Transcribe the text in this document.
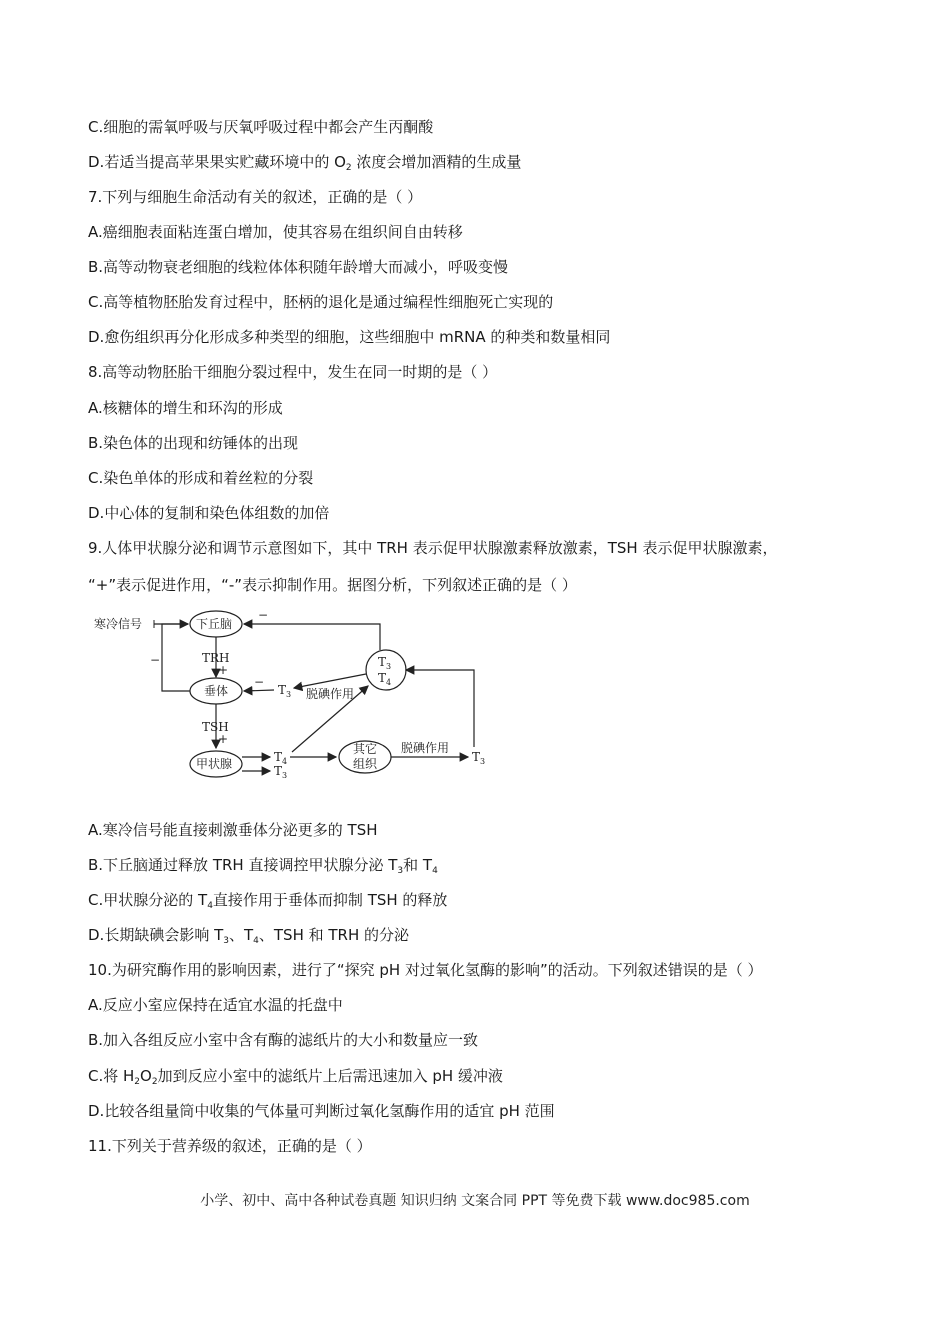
C.细胞的需氧呼吸与厌氧呼吸过程中都会产生丙酮酸
D.若适当提高苹果果实贮藏环境中的 $O_2$ 浓度会增加酒精的生成量
7.下列与细胞生命活动有关的叙述，正确的是（ ）
A.癌细胞表面粘连蛋白增加，使其容易在组织间自由转移
B.高等动物衰老细胞的线粒体体积随年龄增大而减小，呼吸变慢
C.高等植物胚胎发育过程中，胚柄的退化是通过编程性细胞死亡实现的
D.愈伤组织再分化形成多种类型的细胞，这些细胞中 mRNA 的种类和数量相同
8.高等动物胚胎干细胞分裂过程中，发生在同一时期的是（ ）
A.核糖体的增生和环沟的形成
B.染色体的出现和纺锤体的出现
C.染色单体的形成和着丝粒的分裂
D.中心体的复制和染色体组数的加倍
9.人体甲状腺分泌和调节示意图如下，其中 TRH 表示促甲状腺激素释放激素，TSH 表示促甲状腺激素，
“+”表示促进作用，“-”表示抑制作用。据图分析，下列叙述正确的是（ ）
寒冷信号	下丘脑
TRH
+
垂体
−
TSH
+
甲状腺	$T_4$
$T_3$
其它
组织
脱碘作用
$T_3$
$T_3$
$T_4$
−
脱碘作用
$T_3$
−
A.寒冷信号能直接刺激垂体分泌更多的 TSH
B.下丘脑通过释放 TRH 直接调控甲状腺分泌 $T_3$和 $T_4$
C.甲状腺分泌的 $T_4$直接作用于垂体而抑制 TSH 的释放
D.长期缺碘会影响 $T_3$、$T_4$、TSH 和 TRH 的分泌
10.为研究酶作用的影响因素，进行了“探究 pH 对过氧化氢酶的影响”的活动。下列叙述错误的是（ ）
A.反应小室应保持在适宜水温的托盘中
B.加入各组反应小室中含有酶的滤纸片的大小和数量应一致
C.将 $H_2O_2$加到反应小室中的滤纸片上后需迅速加入 pH 缓冲液
D.比较各组量筒中收集的气体量可判断过氧化氢酶作用的适宜 pH 范围
11.下列关于营养级的叙述，正确的是（ ）
小学、初中、高中各种试卷真题 知识归纳 文案合同 PPT 等免费下载 www.doc985.com
